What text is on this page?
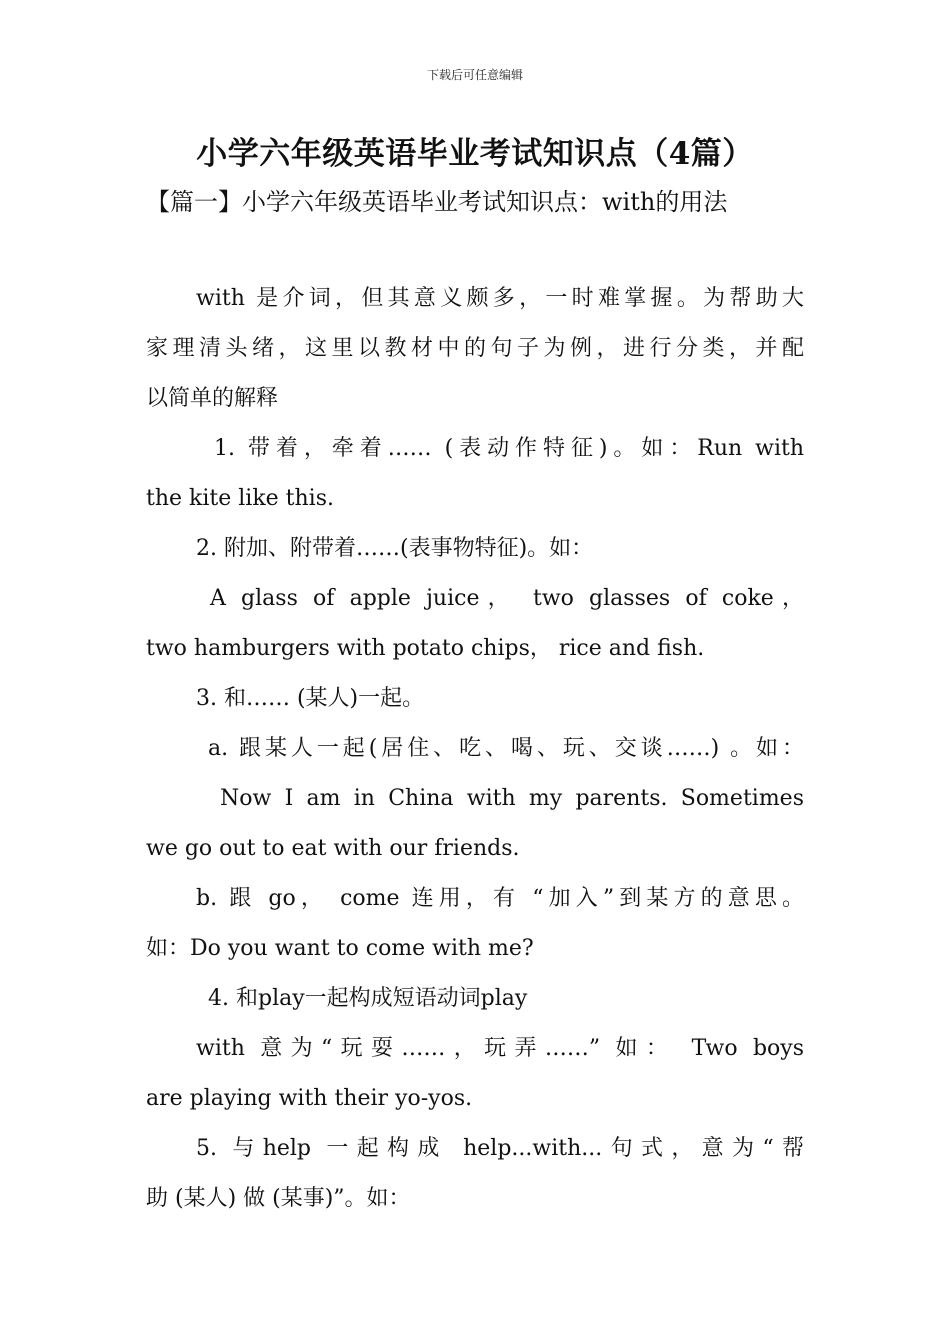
下载后可任意编辑
小学六年级英语毕业考试知识点（4篇）
【篇一】小学六年级英语毕业考试知识点：with的用法
with 是介词，但其意义颇多，一时难掌握。为帮助大
家理清头绪，这里以教材中的句子为例，进行分类，并配
以简单的解释
1. 带着，牵着…… (表动作特征)。如：Run with
the kite like this.
2. 附加、附带着……(表事物特征)。如：
A glass of apple juice， two glasses of coke，
two hamburgers with potato chips， rice and fish.
3. 和…… (某人)一起。
a. 跟某人一起(居住、吃、喝、玩、交谈……) 。如：
Now I am in China with my parents. Sometimes
we go out to eat with our friends.
b. 跟 go， come 连用，有 “加入”到某方的意思。
如：Do you want to come with me?
4. 和play一起构成短语动词play
with 意为“玩耍……，玩弄……” 如： Two boys
are playing with their yo-yos.
5. 与help 一起构成 help...with...句式，意为“帮
助 (某人) 做 (某事)”。如：
